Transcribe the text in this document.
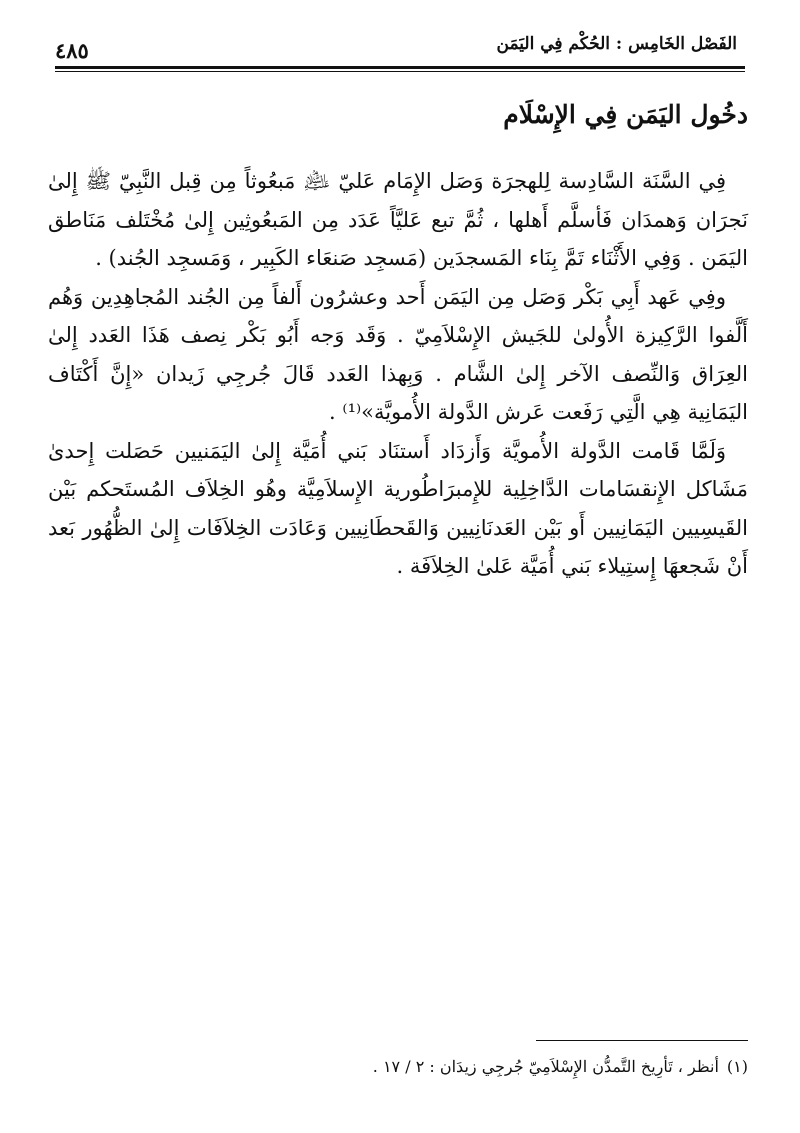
الفَصْل الخَامِس : الحُكْم فِي اليَمَن
٤٨٥
دخُول اليَمَن فِي الإِسْلَام

فِي السَّنَة السَّادِسة لِلهجرَة وَصَل الإِمَام عَليّ ﵇ مَبعُوثاً مِن قِبل النَّبِيّ ﷺ إِلىٰ نَجرَان وَهمدَان فَأسلَّم أَهلها ، ثُمَّ تبع عَليَّاً عَدَد مِن المَبعُوثِين إِلىٰ مُخْتَلف مَنَاطق اليَمَن . وَفِي الأَثْنَاء تَمَّ بِنَاء المَسجدَين (مَسجِد صَنعَاء الكَبِير ، وَمَسجِد الجُند) .

وفِي عَهد أَبِي بَكْر وَصَل مِن اليَمَن أَحد وعشرُون أَلفاً مِن الجُند المُجاهِدِين وَهُم أَلَّفوا الرَّكِيزة الأُولىٰ للجَيش الإِسْلاَمِيّ . وَقَد وَجه أَبُو بَكْر نِصف هَذَا العَدد إِلىٰ العِرَاق وَالنِّصف الآخر إِلىٰ الشَّام . وَبِهذا العَدد قَالَ جُرجِي زَيدان «إِنَّ أَكْتَاف اليَمَانِية هِي الَّتِي رَفَعت عَرش الدَّولة الأُمويَّة»⁽¹⁾ .

وَلَمَّا قَامت الدَّولة الأُمويَّة وَأَزدَاد أَستنَاد بَني أُمَيَّة إِلىٰ اليَمَنيين حَصَلت إِحدىٰ مَشَاكل الإِنقسَامات الدَّاخِلِية للإِمبرَاطُورية الإِسلاَمِيَّة وهُو الخِلاَف المُستَحكم بَيْن القَيسِيين اليَمَانِيين أَو بَيْن العَدنَانِيين وَالقَحطَانِيين وَعَادَت الخِلاَفَات إِلىٰ الظُّهُور بَعد أَنْ شَجعهَا إِستِيلاء بَني أُمَيَّة عَلىٰ الخِلاَفَة .

(١)أنظر ، تَأرِيخ التَّمدُّن الإِسْلاَمِيّ جُرجِي زيدَان : ٢ / ١٧ .
